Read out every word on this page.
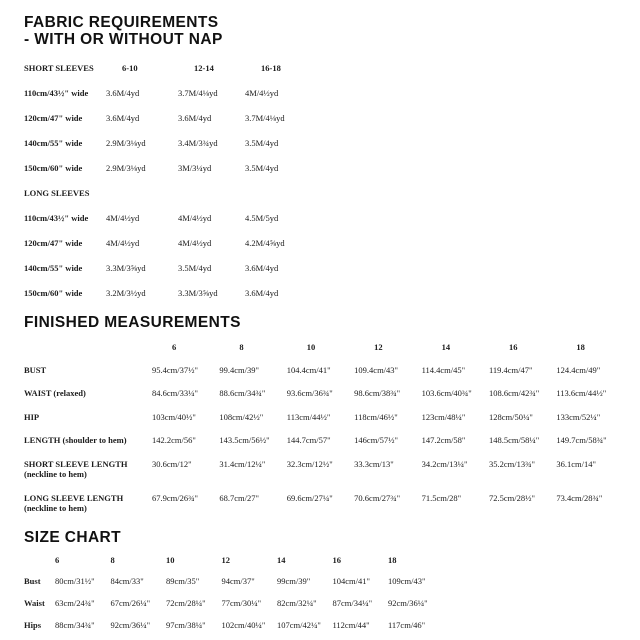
FABRIC REQUIREMENTS
- WITH OR WITHOUT NAP
SHORT SLEEVES	6-10	12-14	16-18
110cm/43½" wide	3.6M/4yd	3.7M/4⅛yd	4M/4½yd
120cm/47" wide	3.6M/4yd	3.6M/4yd	3.7M/4⅛yd
140cm/55" wide	2.9M/3⅛yd	3.4M/3¾yd	3.5M/4yd
150cm/60" wide	2.9M/3⅛yd	3M/3¼yd	3.5M/4yd
LONG SLEEVES
110cm/43½" wide	4M/4½yd	4M/4½yd	4.5M/5yd
120cm/47" wide	4M/4½yd	4M/4½yd	4.2M/4⅝yd
140cm/55" wide	3.3M/3⅝yd	3.5M/4yd	3.6M/4yd
150cm/60" wide	3.2M/3½yd	3.3M/3⅝yd	3.6M/4yd
FINISHED MEASUREMENTS
6	8	10	12	14	16	18
BUST	95.4cm/37½"	99.4cm/39"	104.4cm/41"	109.4cm/43"	114.4cm/45"	119.4cm/47"	124.4cm/49"
WAIST (relaxed)	84.6cm/33¼"	88.6cm/34¾"	93.6cm/36¾"	98.6cm/38¾"	103.6cm/40¾"	108.6cm/42¾"	113.6cm/44½"
HIP	103cm/40½"	108cm/42½"	113cm/44½"	118cm/46½"	123cm/48¼"	128cm/50¼"	133cm/52¼"
LENGTH (shoulder to hem)	142.2cm/56"	143.5cm/56½"	144.7cm/57"	146cm/57½"	147.2cm/58"	148.5cm/58¼"	149.7cm/58¾"
SHORT SLEEVE LENGTH (neckline to hem)
30.6cm/12"	31.4cm/12¼"	32.3cm/12½"	33.3cm/13"	34.2cm/13¼"	35.2cm/13¾"	36.1cm/14"
LONG SLEEVE LENGTH (neckline to hem)
67.9cm/26¾"	68.7cm/27"	69.6cm/27¼"	70.6cm/27¾"	71.5cm/28"	72.5cm/28½"	73.4cm/28¾"
SIZE CHART
6	8	10	12	14	16	18
Bust	80cm/31½"	84cm/33"	89cm/35"	94cm/37"	99cm/39"	104cm/41"	109cm/43"
Waist	63cm/24¾"	67cm/26¼"	72cm/28¼"	77cm/30¼"	82cm/32¼"	87cm/34¼"	92cm/36¼"
Hips	88cm/34¾"	92cm/36¼"	97cm/38¼"	102cm/40¼"	107cm/42¼"	112cm/44"	117cm/46"
